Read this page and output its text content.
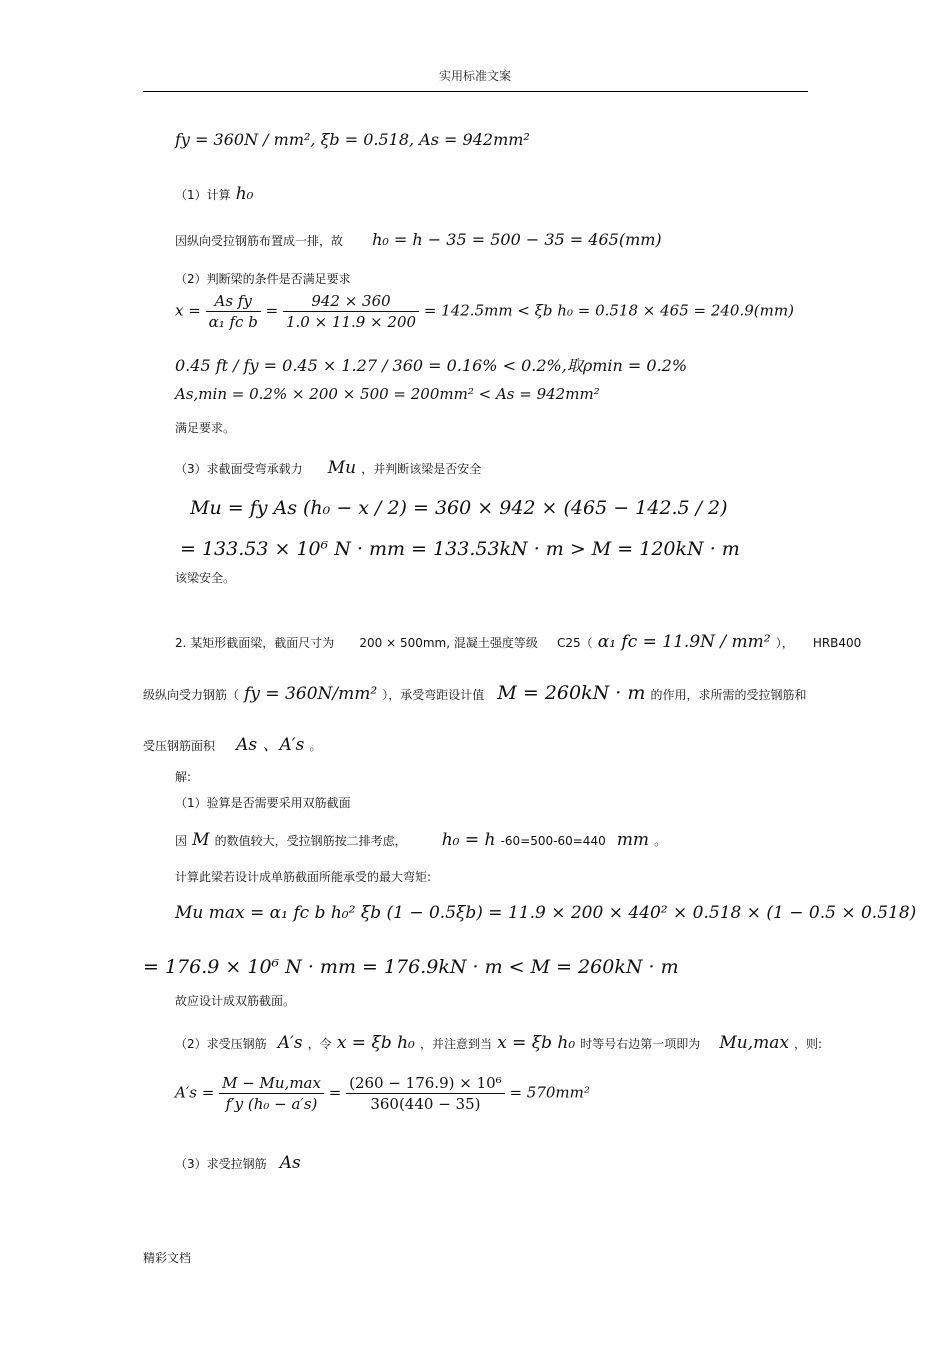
实用标准文案
fy = 360N / mm², ξb = 0.518, As = 942mm²
（1）计算 h₀
因纵向受拉钢筋布置成一排，故 h₀ = h − 35 = 500 − 35 = 465(mm)
（2）判断梁的条件是否满足要求
$x = \frac{\text{As fy}}{\text{α₁ fc b}} = \frac{942 \times 360}{1.0 \times 11.9 \times 200} = 142.5mm < \xi b$ h₀ = 0.518 × 465 = 240.9(mm)
0.45 ft / fy = 0.45 × 1.27 / 360 = 0.16% < 0.2%,取ρmin = 0.2%
As,min = 0.2% × 200 × 500 = 200mm² < As = 942mm²
满足要求。
（3）求截面受弯承载力 Mu ，并判断该梁是否安全
Mu = fy As (h₀ − x / 2) = 360 × 942 × (465 − 142.5 / 2)
= 133.53 × 10⁶ N · mm = 133.53kN · m > M = 120kN · m
该梁安全。
2. 某矩形截面梁，截面尺寸为 200 × 500mm, 混凝土强度等级 C25（ α₁ fc = 11.9N / mm² ）， HRB400
级纵向受力钢筋（ fy = 360N/mm² ），承受弯距设计值 M = 260kN · m 的作用，求所需的受拉钢筋和
受压钢筋面积 As 、A′s 。
解:
（1）验算是否需要采用双筋截面
因 M 的数值较大，受拉钢筋按二排考虑， h₀ = h -60=500-60=440 mm 。
计算此梁若设计成单筋截面所能承受的最大弯矩:
Mu max = α₁ fc b h₀² ξb (1 − 0.5ξb) = 11.9 × 200 × 440² × 0.518 × (1 − 0.5 × 0.518)
= 176.9 × 10⁶ N · mm = 176.9kN · m < M = 260kN · m
故应设计成双筋截面。
（2）求受压钢筋 A′s ，令 x = ξb h₀ ，并注意到当 x = ξb h₀ 时等号右边第一项即为 Mu,max ，则:
$A's = \frac{M - Mu,\max}{\text{f′y (h₀ − a′s)}} = \frac{\text{(260 − 176.9) × 10⁶}}{360(440 - 35)} = 570mm^2$
（3）求受拉钢筋 As
精彩文档
